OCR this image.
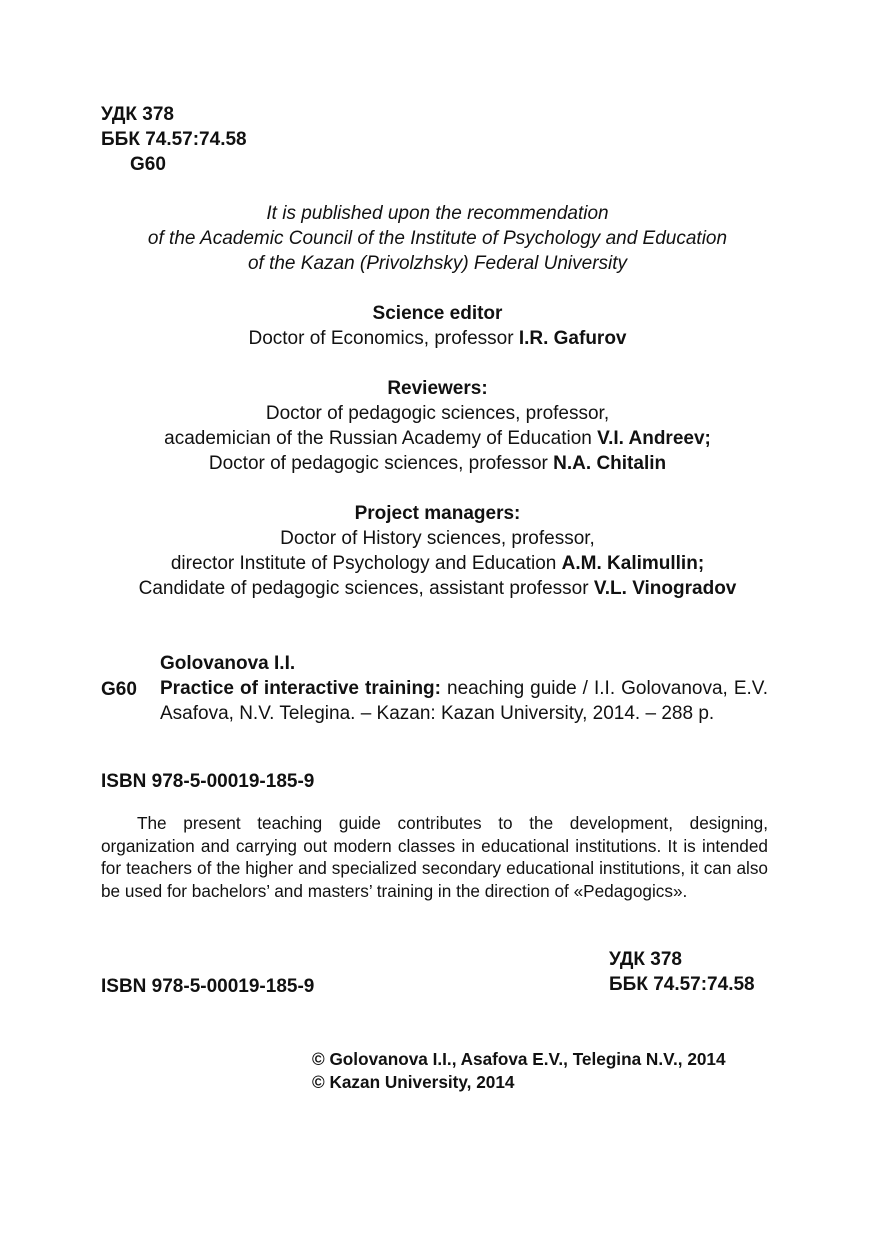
УДК 378
ББК 74.57:74.58
G60
It is published upon the recommendation
of the Academic Council of the Institute of Psychology and Education
of the Kazan (Privolzhsky) Federal University
Science editor
Doctor of Economics, professor I.R. Gafurov
Reviewers:
Doctor of pedagogic sciences, professor,
academician of the Russian Academy of Education V.I. Andreev;
Doctor of pedagogic sciences, professor N.A. Chitalin
Project managers:
Doctor of History sciences, professor,
director Institute of Psychology and Education A.M. Kalimullin;
Candidate of pedagogic sciences, assistant professor V.L. Vinogradov
G60
Golovanova I.I.
Practice of interactive training: neaching guide / I.I. Golovanova, E.V. Asafova, N.V. Telegina. – Kazan: Kazan University, 2014. – 288 p.
ISBN 978-5-00019-185-9
The present teaching guide contributes to the development, designing, organization and carrying out modern classes in educational institutions. It is intended for teachers of the higher and specialized secondary educational institutions, it can also be used for bachelors’ and masters’ training in the direction of «Pedagogics».
ISBN 978-5-00019-185-9
УДК 378
ББК 74.57:74.58
© Golovanova I.I., Asafova E.V., Telegina N.V., 2014
© Kazan University, 2014
